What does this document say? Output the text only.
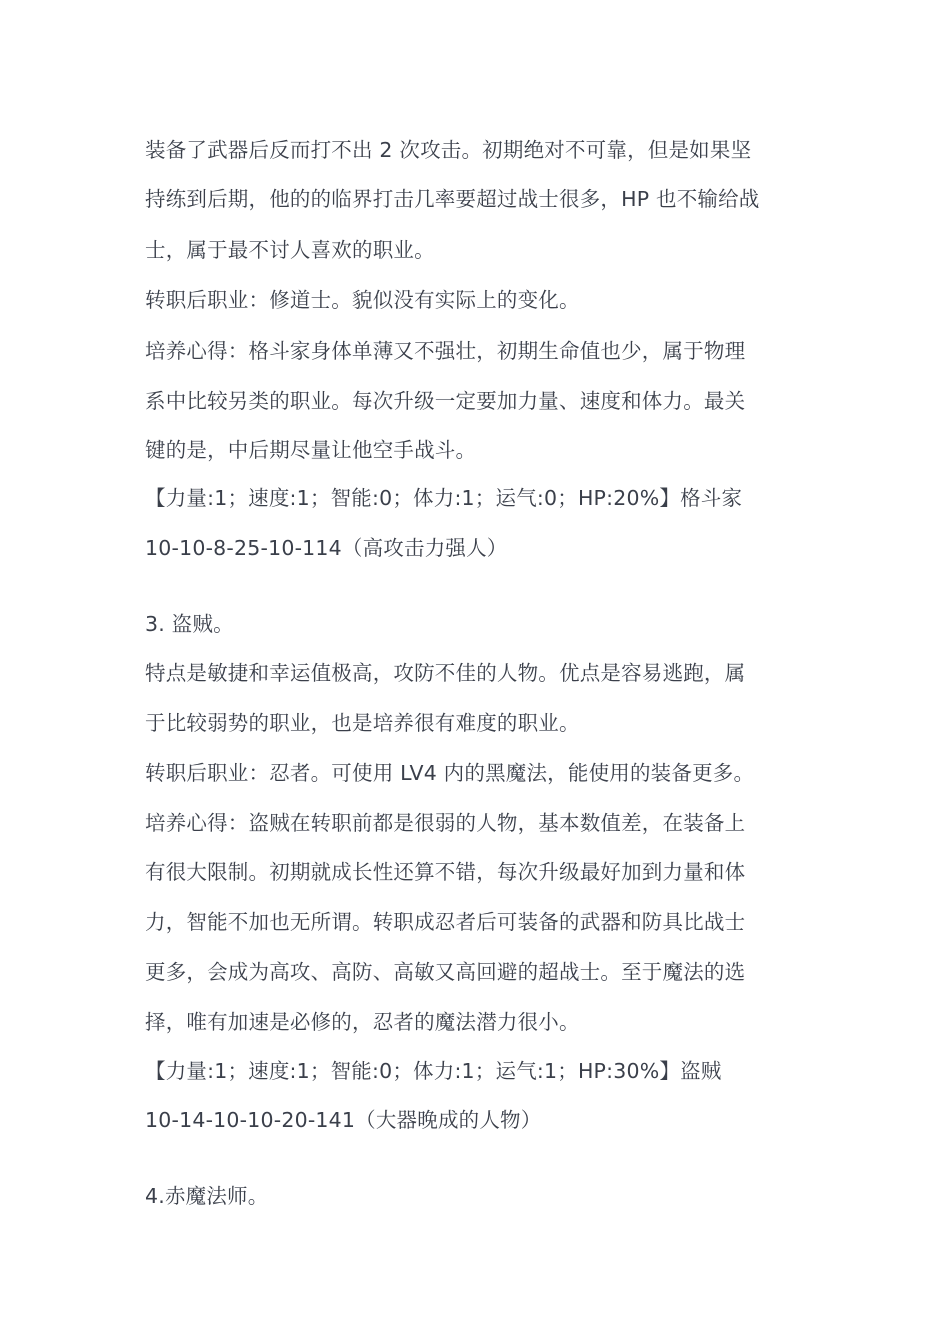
装备了武器后反而打不出 2 次攻击。初期绝对不可靠，但是如果坚

持练到后期，他的的临界打击几率要超过战士很多，HP 也不输给战

士，属于最不讨人喜欢的职业。

转职后职业：修道士。貌似没有实际上的变化。

培养心得：格斗家身体单薄又不强壮，初期生命值也少，属于物理

系中比较另类的职业。每次升级一定要加力量、速度和体力。最关

键的是，中后期尽量让他空手战斗。

【力量:1；速度:1；智能:0；体力:1；运气:0；HP:20%】格斗家

10-10-8-25-10-114（高攻击力强人）

3. 盗贼。

特点是敏捷和幸运值极高，攻防不佳的人物。优点是容易逃跑，属

于比较弱势的职业，也是培养很有难度的职业。

转职后职业：忍者。可使用 LV4 内的黑魔法，能使用的装备更多。

培养心得：盗贼在转职前都是很弱的人物，基本数值差，在装备上

有很大限制。初期就成长性还算不错，每次升级最好加到力量和体

力，智能不加也无所谓。转职成忍者后可装备的武器和防具比战士

更多，会成为高攻、高防、高敏又高回避的超战士。至于魔法的选

择，唯有加速是必修的，忍者的魔法潜力很小。

【力量:1；速度:1；智能:0；体力:1；运气:1；HP:30%】盗贼

10-14-10-10-20-141（大器晚成的人物）

4.赤魔法师。
